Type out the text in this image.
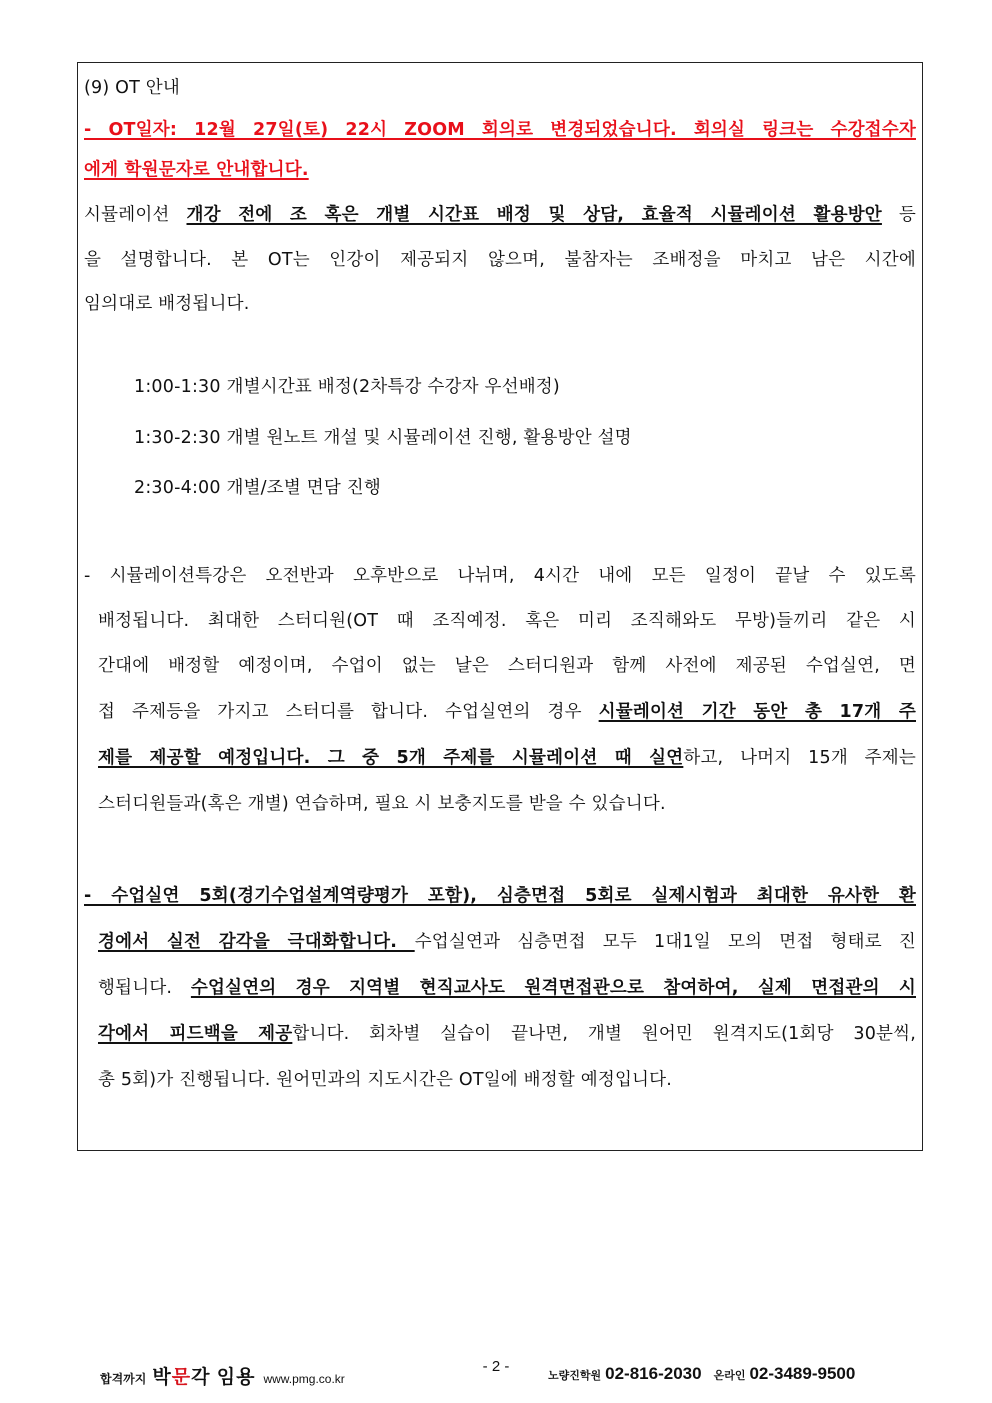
(9) OT 안내
- OT일자: 12월 27일(토) 22시 ZOOM 회의로 변경되었습니다. 회의실 링크는 수강접수자
에게 학원문자로 안내합니다.
시뮬레이션 개강 전에 조 혹은 개별 시간표 배정 및 상담, 효율적 시뮬레이션 활용방안 등
을 설명합니다. 본 OT는 인강이 제공되지 않으며, 불참자는 조배정을 마치고 남은 시간에
임의대로 배정됩니다.
1:00-1:30 개별시간표 배정(2차특강 수강자 우선배정)
1:30-2:30 개별 원노트 개설 및 시뮬레이션 진행, 활용방안 설명
2:30-4:00 개별/조별 면담 진행
- 시뮬레이션특강은 오전반과 오후반으로 나뉘며, 4시간 내에 모든 일정이 끝날 수 있도록
배정됩니다. 최대한 스터디원(OT 때 조직예정. 혹은 미리 조직해와도 무방)들끼리 같은 시
간대에 배정할 예정이며, 수업이 없는 날은 스터디원과 함께 사전에 제공된 수업실연, 면
접 주제등을 가지고 스터디를 합니다. 수업실연의 경우 시뮬레이션 기간 동안 총 17개 주
제를 제공할 예정입니다. 그 중 5개 주제를 시뮬레이션 때 실연하고, 나머지 15개 주제는
스터디원들과(혹은 개별) 연습하며, 필요 시 보충지도를 받을 수 있습니다.
- 수업실연 5회(경기수업설계역량평가 포함), 심층면접 5회로 실제시험과 최대한 유사한 환
경에서 실전 감각을 극대화합니다. 수업실연과 심층면접 모두 1대1일 모의 면접 형태로 진
행됩니다. 수업실연의 경우 지역별 현직교사도 원격면접관으로 참여하여, 실제 면접관의 시
각에서 피드백을 제공합니다. 회차별 실습이 끝나면, 개별 원어민 원격지도(1회당 30분씩,
총 5회)가 진행됩니다. 원어민과의 지도시간은 OT일에 배정할 예정입니다.
합격까지 박문각 임용 www.pmg.co.kr
- 2 -
노량진학원 02-816-2030 온라인 02-3489-9500
